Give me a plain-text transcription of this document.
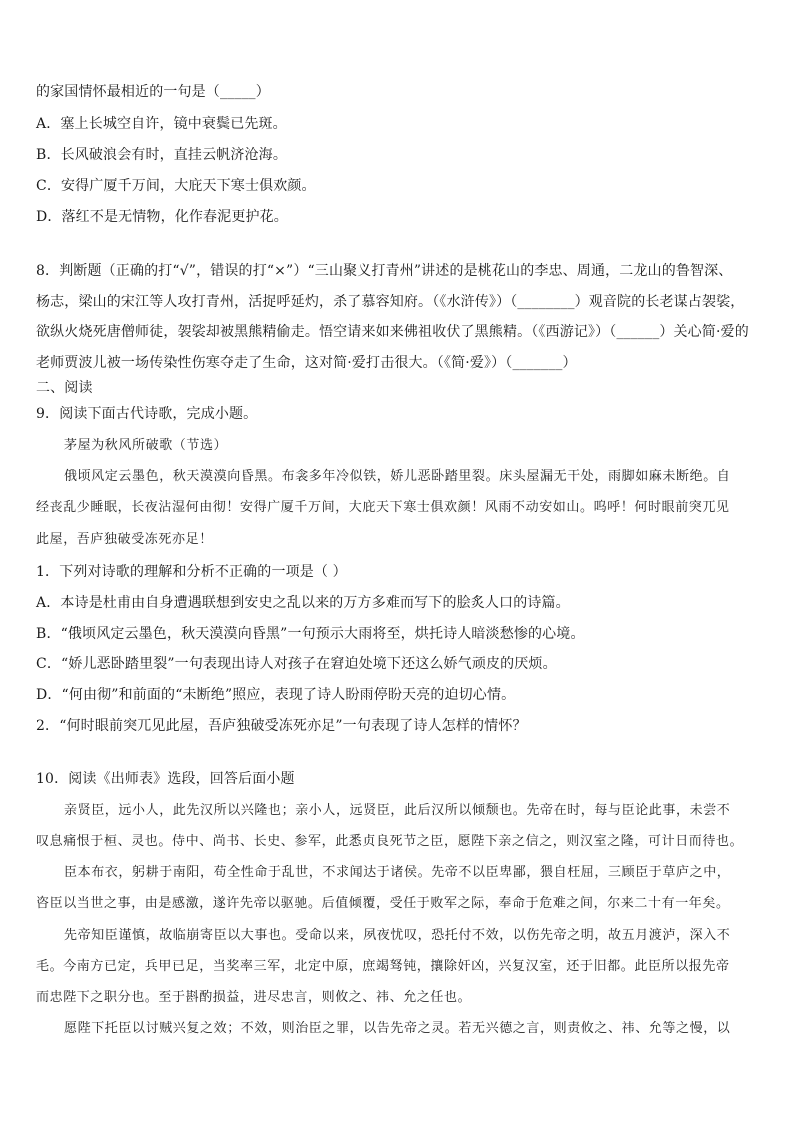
的家国情怀最相近的一句是（_____）
A．塞上长城空自许，镜中衰鬓已先斑。
B．长风破浪会有时，直挂云帆济沧海。
C．安得广厦千万间，大庇天下寒士俱欢颜。
D．落红不是无情物，化作春泥更护花。
8．判断题（正确的打“√”，错误的打“×”）“三山聚义打青州”讲述的是桃花山的李忠、周通，二龙山的鲁智深、
杨志，梁山的宋江等人攻打青州，活捉呼延灼，杀了慕容知府。（《水浒传》）（________）观音院的长老谋占袈裟，
欲纵火烧死唐僧师徒，袈裟却被黑熊精偷走。悟空请来如来佛祖收伏了黑熊精。（《西游记》）（______）关心简·爱的
老师贾波儿被一场传染性伤寒夺走了生命，这对简·爱打击很大。（《简·爱》）（_______）
二、阅读
9．阅读下面古代诗歌，完成小题。
茅屋为秋风所破歌（节选）
俄顷风定云墨色，秋天漠漠向昏黑。布衾多年冷似铁，娇儿恶卧踏里裂。床头屋漏无干处，雨脚如麻未断绝。自
经丧乱少睡眠，长夜沾湿何由彻！安得广厦千万间，大庇天下寒士俱欢颜！风雨不动安如山。呜呼！何时眼前突兀见
此屋，吾庐独破受冻死亦足！
1．下列对诗歌的理解和分析不正确的一项是（ ）
A．本诗是杜甫由自身遭遇联想到安史之乱以来的万方多难而写下的脍炙人口的诗篇。
B．“俄顷风定云墨色，秋天漠漠向昏黑”一句预示大雨将至，烘托诗人暗淡愁惨的心境。
C．“娇儿恶卧踏里裂”一句表现出诗人对孩子在窘迫处境下还这么娇气顽皮的厌烦。
D．“何由彻”和前面的“未断绝”照应，表现了诗人盼雨停盼天亮的迫切心情。
2．“何时眼前突兀见此屋，吾庐独破受冻死亦足”一句表现了诗人怎样的情怀？
10．阅读《出师表》选段，回答后面小题
亲贤臣，远小人，此先汉所以兴隆也；亲小人，远贤臣，此后汉所以倾颓也。先帝在时，每与臣论此事，未尝不
叹息痛恨于桓、灵也。侍中、尚书、长史、参军，此悉贞良死节之臣，愿陛下亲之信之，则汉室之隆，可计日而待也。
臣本布衣，躬耕于南阳，苟全性命于乱世，不求闻达于诸侯。先帝不以臣卑鄙，猥自枉屈，三顾臣于草庐之中，
咨臣以当世之事，由是感激，遂许先帝以驱驰。后值倾覆，受任于败军之际，奉命于危难之间，尔来二十有一年矣。
先帝知臣谨慎，故临崩寄臣以大事也。受命以来，夙夜忧叹，恐托付不效，以伤先帝之明，故五月渡泸，深入不
毛。今南方已定，兵甲已足，当奖率三军，北定中原，庶竭驽钝，攘除奸凶，兴复汉室，还于旧都。此臣所以报先帝
而忠陛下之职分也。至于斟酌损益，进尽忠言，则攸之、祎、允之任也。
愿陛下托臣以讨贼兴复之效；不效，则治臣之罪，以告先帝之灵。若无兴德之言，则责攸之、祎、允等之慢，以
